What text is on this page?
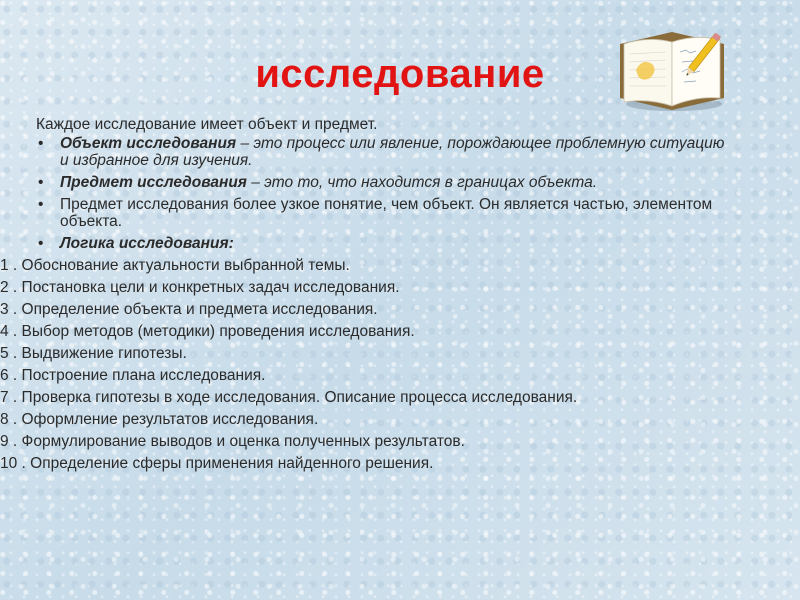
исследование
Каждое исследование имеет объект и предмет.
• Объект исследования – это процесс или явление, порождающее проблемную ситуацию и избранное для изучения.
• Предмет исследования – это то, что находится в границах объекта.
• Предмет исследования более узкое понятие, чем объект. Он является частью, элементом объекта.
• Логика исследования:
1 . Обоснование актуальности выбранной темы.
2 . Постановка цели и конкретных задач исследования.
3 . Определение объекта и предмета исследования.
4 . Выбор методов (методики) проведения исследования.
5 . Выдвижение гипотезы.
6 . Построение плана исследования.
7 . Проверка гипотезы в ходе исследования. Описание процесса исследования.
8 . Оформление результатов исследования.
9 . Формулирование выводов и оценка полученных результатов.
10 . Определение сферы применения найденного решения.
